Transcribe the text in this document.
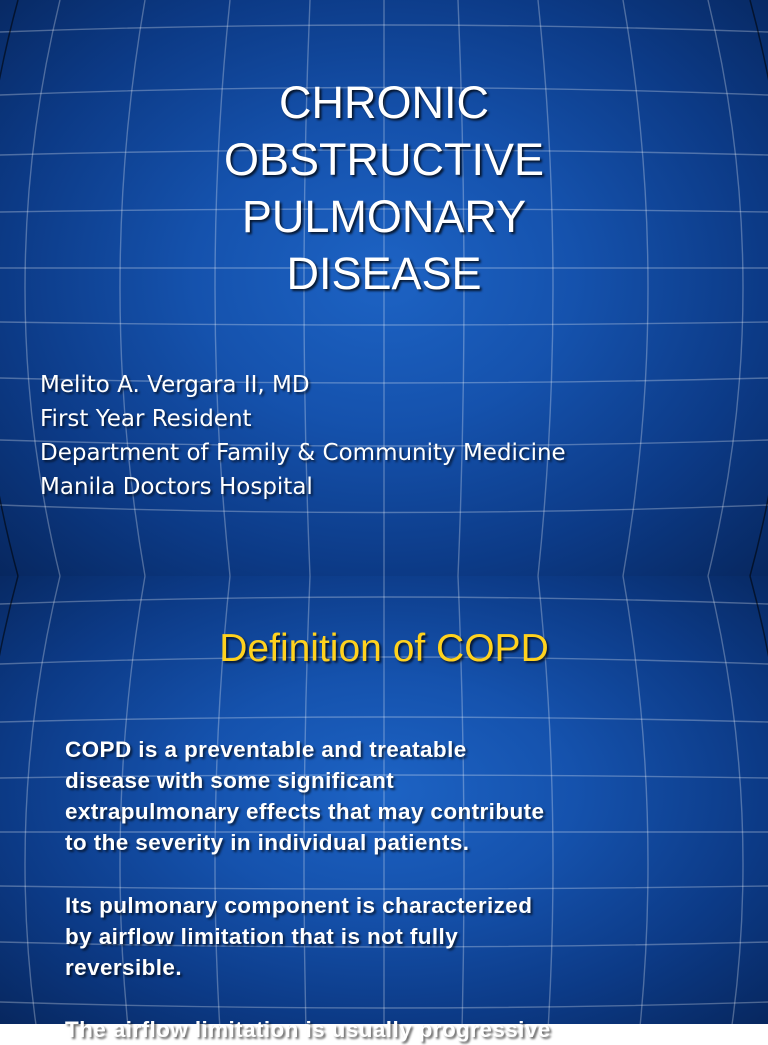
CHRONIC
OBSTRUCTIVE
PULMONARY
DISEASE
Melito A. Vergara II, MD
First Year Resident
Department of Family & Community Medicine
Manila Doctors Hospital
Definition of COPD
COPD is a preventable and treatable
disease with some significant
extrapulmonary effects that may contribute
to the severity in individual patients.
Its pulmonary component is characterized
by airflow limitation that is not fully
reversible.
The airflow limitation is usually progressive
